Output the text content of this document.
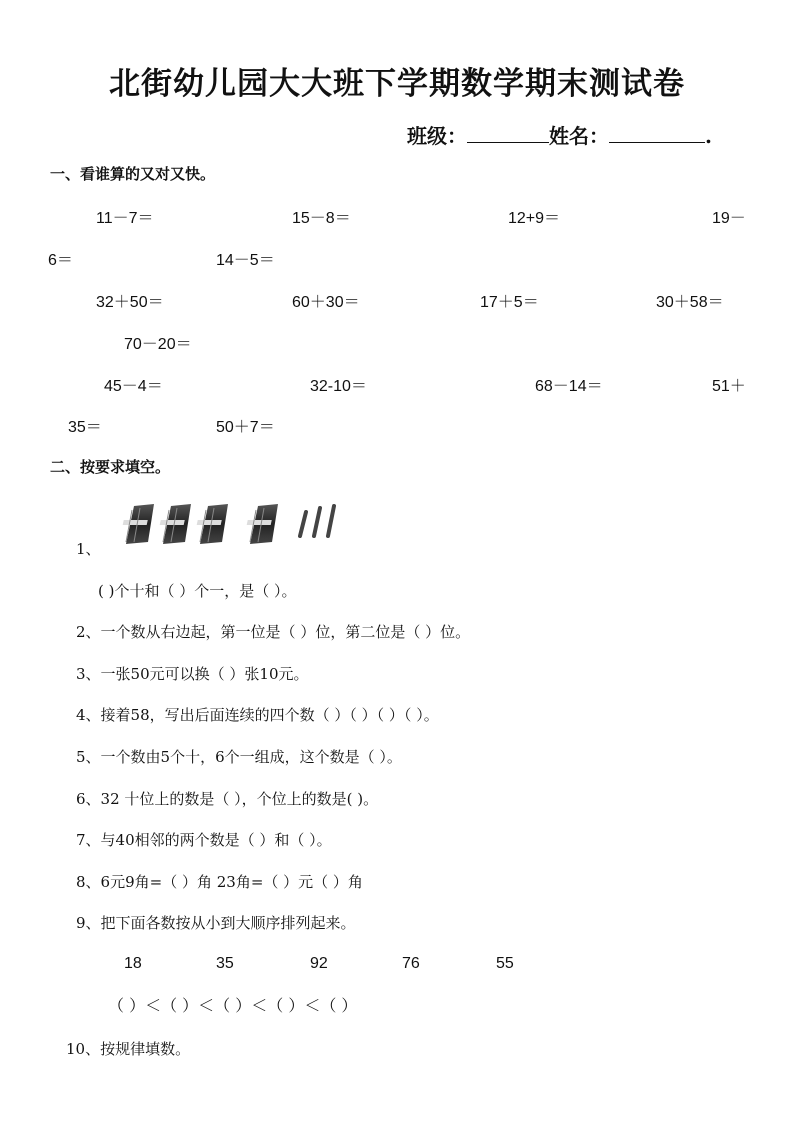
北街幼儿园大大班下学期数学期末测试卷
班级：	姓名：	.
一、看谁算的又对又快。
11－7＝	15－8＝	12+9＝	19－
6＝	14－5＝
32＋50＝	60＋30＝	17＋5＝	30＋58＝
70－20＝
45－4＝	32-10＝	68－14＝	51＋
35＝	50＋7＝
二、按要求填空。
1、
( )个十和（ ）个一，是（ ）。
2、一个数从右边起，第一位是（ ）位，第二位是（ ）位。
3、一张50元可以换（ ）张10元。
4、接着58，写出后面连续的四个数（ ）（ ）（ ）（ ）。
5、一个数由5个十，6个一组成，这个数是（ ）。
6、32 十位上的数是（ ），个位上的数是( )。
7、与40相邻的两个数是（ ）和（ ）。
8、6元9角=（ ）角 23角=（ ）元（ ）角
9、把下面各数按从小到大顺序排列起来。
18	35	92	76	55
（ ）＜（ ）＜（ ）＜（ ）＜（ ）
10、按规律填数。
